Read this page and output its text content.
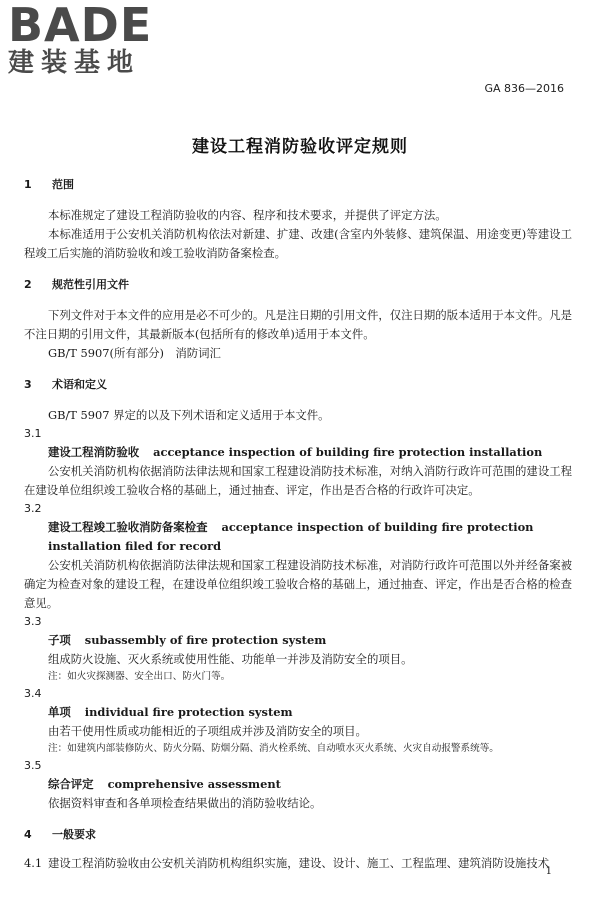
BADE
建装基地
GA 836—2016
建设工程消防验收评定规则
1 范围

本标准规定了建设工程消防验收的内容、程序和技术要求，并提供了评定方法。

本标准适用于公安机关消防机构依法对新建、扩建、改建(含室内外装修、建筑保温、用途变更)等建设工程竣工后实施的消防验收和竣工验收消防备案检查。

2 规范性引用文件

下列文件对于本文件的应用是必不可少的。凡是注日期的引用文件，仅注日期的版本适用于本文件。凡是不注日期的引用文件，其最新版本(包括所有的修改单)适用于本文件。

GB/T 5907(所有部分)　消防词汇

3 术语和定义

GB/T 5907 界定的以及下列术语和定义适用于本文件。

3.1
建设工程消防验收 acceptance inspection of building fire protection installation

公安机关消防机构依据消防法律法规和国家工程建设消防技术标准，对纳入消防行政许可范围的建设工程在建设单位组织竣工验收合格的基础上，通过抽查、评定，作出是否合格的行政许可决定。

3.2
建设工程竣工验收消防备案检查 acceptance inspection of building fire protection installation filed for record

公安机关消防机构依据消防法律法规和国家工程建设消防技术标准，对消防行政许可范围以外并经备案被确定为检查对象的建设工程，在建设单位组织竣工验收合格的基础上，通过抽查、评定，作出是否合格的检查意见。

3.3
子项 subassembly of fire protection system

组成防火设施、灭火系统或使用性能、功能单一并涉及消防安全的项目。

注：如火灾探测器、安全出口、防火门等。
3.4
单项 individual fire protection system

由若干使用性质或功能相近的子项组成并涉及消防安全的项目。

注：如建筑内部装修防火、防火分隔、防烟分隔、消火栓系统、自动喷水灭火系统、火灾自动报警系统等。
3.5
综合评定 comprehensive assessment

依据资料审查和各单项检查结果做出的消防验收结论。

4 一般要求

4.1 建设工程消防验收由公安机关消防机构组织实施，建设、设计、施工、工程监理、建筑消防设施技术

1
